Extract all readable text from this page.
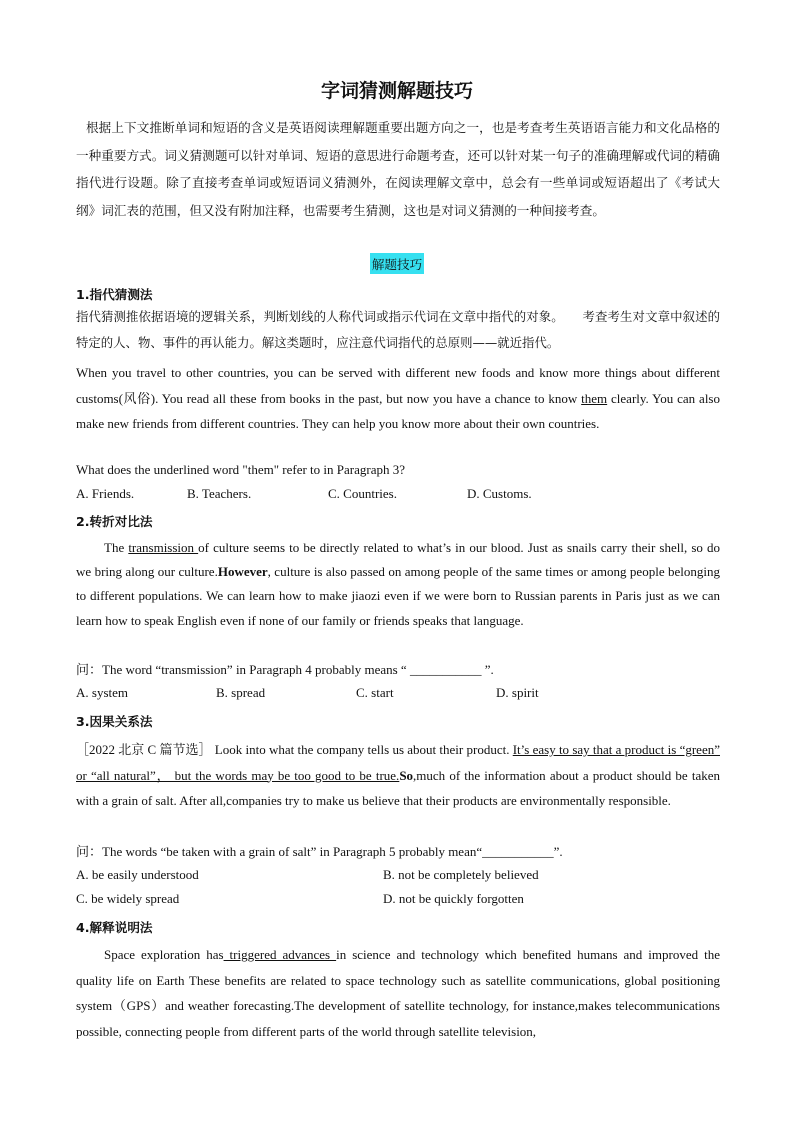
字词猜测解题技巧
根据上下文推断单词和短语的含义是英语阅读理解题重要出题方向之一，也是考查考生英语语言能力和文化品格的一种重要方式。词义猜测题可以针对单词、短语的意思进行命题考查，还可以针对某一句子的准确理解或代词的精确指代进行设题。除了直接考查单词或短语词义猜测外，在阅读理解文章中，总会有一些单词或短语超出了《考试大纲》词汇表的范围，但又没有附加注释，也需要考生猜测，这也是对词义猜测的一种间接考查。
解题技巧
1.指代猜测法
指代猜测推依据语境的逻辑关系，判断划线的人称代词或指示代词在文章中指代的对象。　　考查考生对文章中叙述的特定的人、物、事件的再认能力。解这类题时，应注意代词指代的总原则——就近指代。
When you travel to other countries, you can be served with different new foods and know more things about different customs(风俗). You read all these from books in the past, but now you have a chance to know them clearly. You can also make new friends from different countries. They can help you know more about their own countries.
What does the underlined word "them" refer to in Paragraph 3?
A. Friends.	B. Teachers.	C. Countries.	D. Customs.
2.转折对比法
The transmission of culture seems to be directly related to what’s in our blood. Just as snails carry their shell, so do we bring along our culture.However, culture is also passed on among people of the same times or among people belonging to different populations. We can learn how to make jiaozi even if we were born to Russian parents in Paris just as we can learn how to speak English even if none of our family or friends speaks that language.
问：The word “transmission” in Paragraph 4 probably means “ ___________ ”.
A. system	B. spread	C. start	D. spirit
3.因果关系法
［2022 北京 C 篇节选］ Look into what the company tells us about their product. It’s easy to say that a product is “green” or “all natural”， but the words may be too good to be true.So,much of the information about a product should be taken with a grain of salt. After all,companies try to make us believe that their products are environmentally responsible.
问：The words “be taken with a grain of salt” in Paragraph 5 probably mean“___________”.
A. be easily understood	B. not be completely believed
C. be widely spread	D. not be quickly forgotten
4.解释说明法
Space exploration has triggered advances in science and technology which benefited humans and improved the quality life on Earth These benefits are related to space technology such as satellite communications, global positioning system（GPS）and weather forecasting.The development of satellite technology, for instance,makes telecommunications possible, connecting people from different parts of the world through satellite television,
